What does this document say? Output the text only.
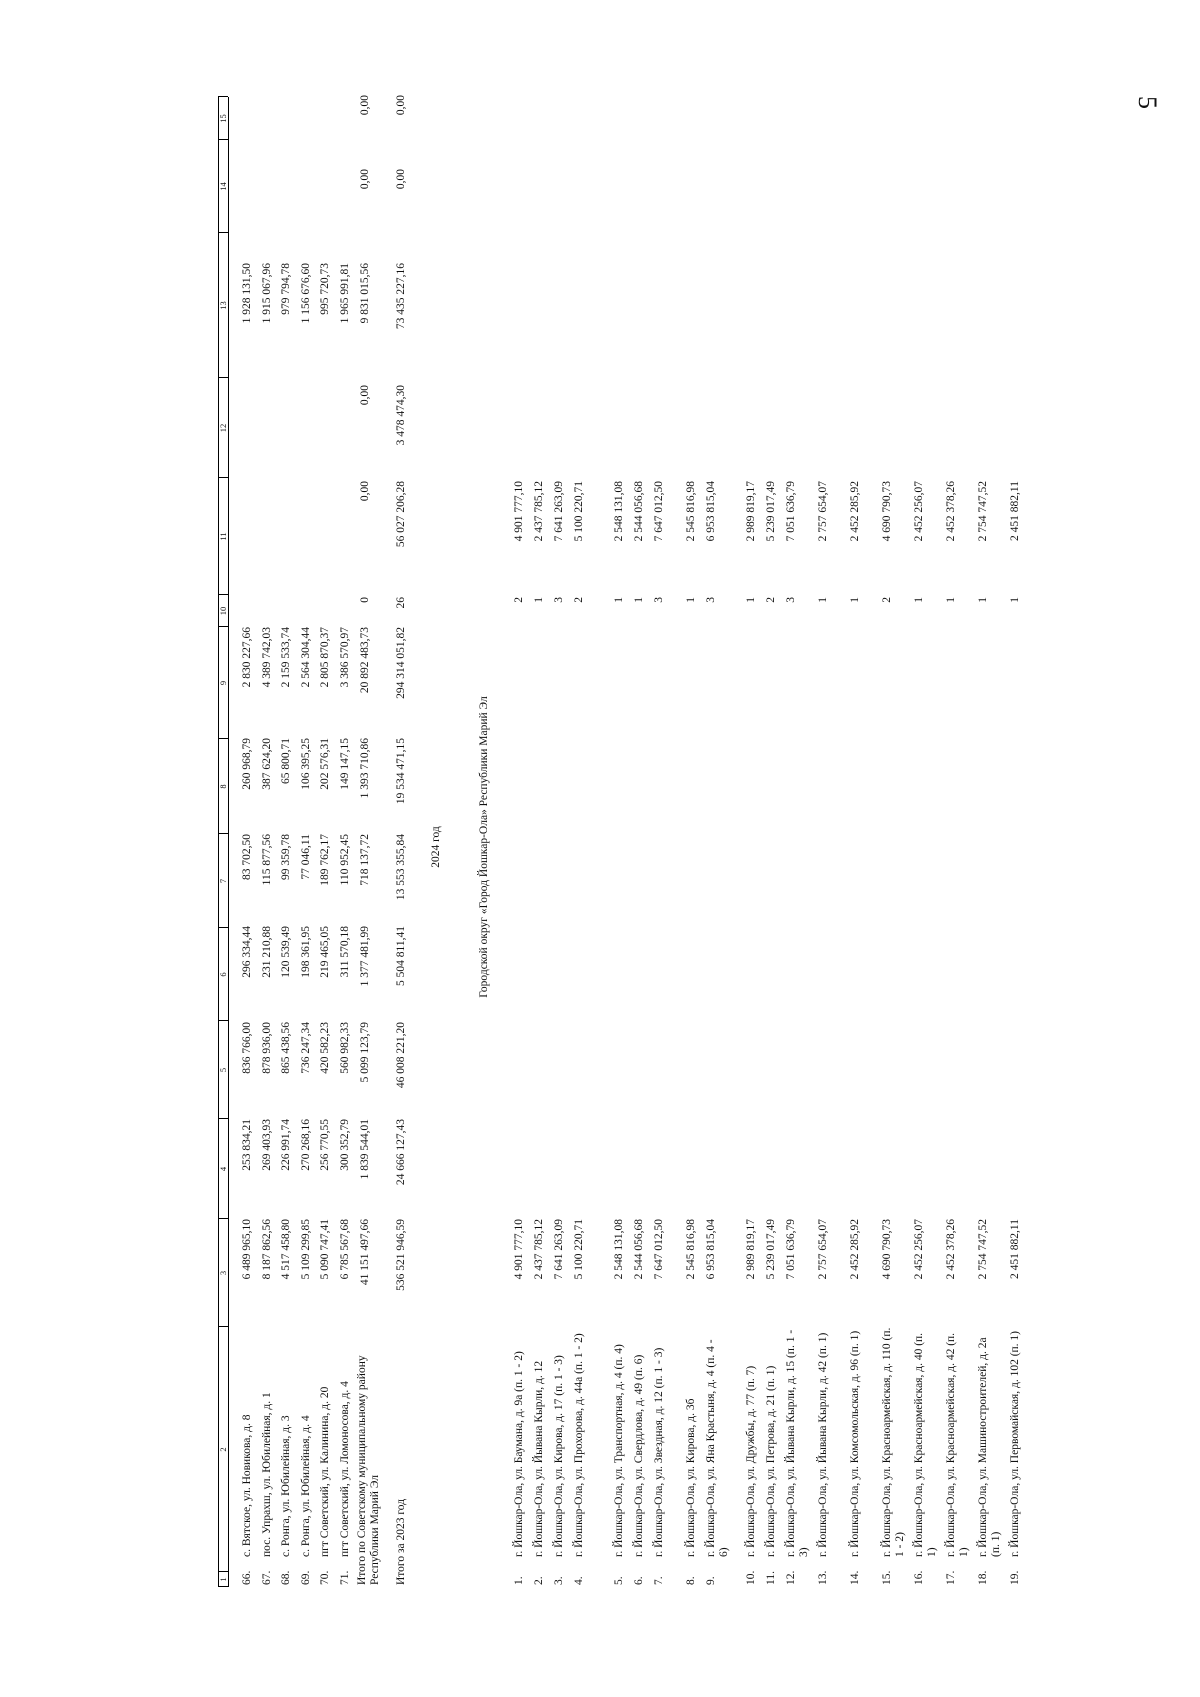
5
1
2
3
4
5
6
7
8
9
10
11
12
13
14
15
66.
с. Вятское, ул. Новикова, д. 8
6 489 965,10
253 834,21
836 766,00
296 334,44
83 702,50
260 968,79
2 830 227,66
1 928 131,50
67.
пос. Упрахш, ул. Юбилейная, д. 1
8 187 862,56
269 403,93
878 936,00
231 210,88
115 877,56
387 624,20
4 389 742,03
1 915 067,96
68.
с. Ронга, ул. Юбилейная, д. 3
4 517 458,80
226 991,74
865 438,56
120 539,49
99 359,78
65 800,71
2 159 533,74
979 794,78
69.
с. Ронга, ул. Юбилейная, д. 4
5 109 299,85
270 268,16
736 247,34
198 361,95
77 046,11
106 395,25
2 564 304,44
1 156 676,60
70.
пгт Советский, ул. Калинина, д. 20
5 090 747,41
256 770,55
420 582,23
219 465,05
189 762,17
202 576,31
2 805 870,37
995 720,73
71.
пгт Советский, ул. Ломоносова, д. 4
6 785 567,68
300 352,79
560 982,33
311 570,18
110 952,45
149 147,15
3 386 570,97
1 965 991,81
Итого по Советскому муниципальному району Республики Марий Эл
41 151 497,66
1 839 544,01
5 099 123,79
1 377 481,99
718 137,72
1 393 710,86
20 892 483,73
0
0,00
0,00
9 831 015,56
0,00
0,00
Итого за 2023 год
536 521 946,59
24 666 127,43
46 008 221,20
5 504 811,41
13 553 355,84
19 534 471,15
294 314 051,82
26
56 027 206,28
3 478 474,30
73 435 227,16
0,00
0,00
2024 год	Городской округ «Город Йошкар-Ола» Республики Марий Эл
1.
г. Йошкар-Ола, ул. Баумана, д. 9а (п. 1 - 2)
4 901 777,10
2
4 901 777,10
2.
г. Йошкар-Ола, ул. Йывана Кырли, д. 12
2 437 785,12
1
2 437 785,12
3.
г. Йошкар-Ола, ул. Кирова, д. 17 (п. 1 - 3)
7 641 263,09
3
7 641 263,09
4.
г. Йошкар-Ола, ул. Прохорова, д. 44а (п. 1 - 2)
5 100 220,71
2
5 100 220,71
5.
г. Йошкар-Ола, ул. Транспортная, д. 4 (п. 4)
2 548 131,08
1
2 548 131,08
6.
г. Йошкар-Ола, ул. Свердлова, д. 49 (п. 6)
2 544 056,68
1
2 544 056,68
7.
г. Йошкар-Ола, ул. Звездная, д. 12 (п. 1 - 3)
7 647 012,50
3
7 647 012,50
8.
г. Йошкар-Ола, ул. Кирова, д. 3б
2 545 816,98
1
2 545 816,98
9.
г. Йошкар-Ола, ул. Яна Крастыня, д. 4 (п. 4 - 6)
6 953 815,04
3
6 953 815,04
10.
г. Йошкар-Ола, ул. Дружбы, д. 77 (п. 7)
2 989 819,17
1
2 989 819,17
11.
г. Йошкар-Ола, ул. Петрова, д. 21 (п. 1)
5 239 017,49
2
5 239 017,49
12.
г. Йошкар-Ола, ул. Йывана Кырли, д. 15 (п. 1 - 3)
7 051 636,79
3
7 051 636,79
13.
г. Йошкар-Ола, ул. Йывана Кырли, д. 42 (п. 1)
2 757 654,07
1
2 757 654,07
14.
г. Йошкар-Ола, ул. Комсомольская, д. 96 (п. 1)
2 452 285,92
1
2 452 285,92
15.
г. Йошкар-Ола, ул. Красноармейская, д. 110 (п. 1 - 2)
4 690 790,73
2
4 690 790,73
16.
г. Йошкар-Ола, ул. Красноармейская, д. 40 (п. 1)
2 452 256,07
1
2 452 256,07
17.
г. Йошкар-Ола, ул. Красноармейская, д. 42 (п. 1)
2 452 378,26
1
2 452 378,26
18.
г. Йошкар-Ола, ул. Машиностроителей, д. 2а (п. 1)
2 754 747,52
1
2 754 747,52
19.
г. Йошкар-Ола, ул. Первомайская, д. 102 (п. 1)
2 451 882,11
1
2 451 882,11
